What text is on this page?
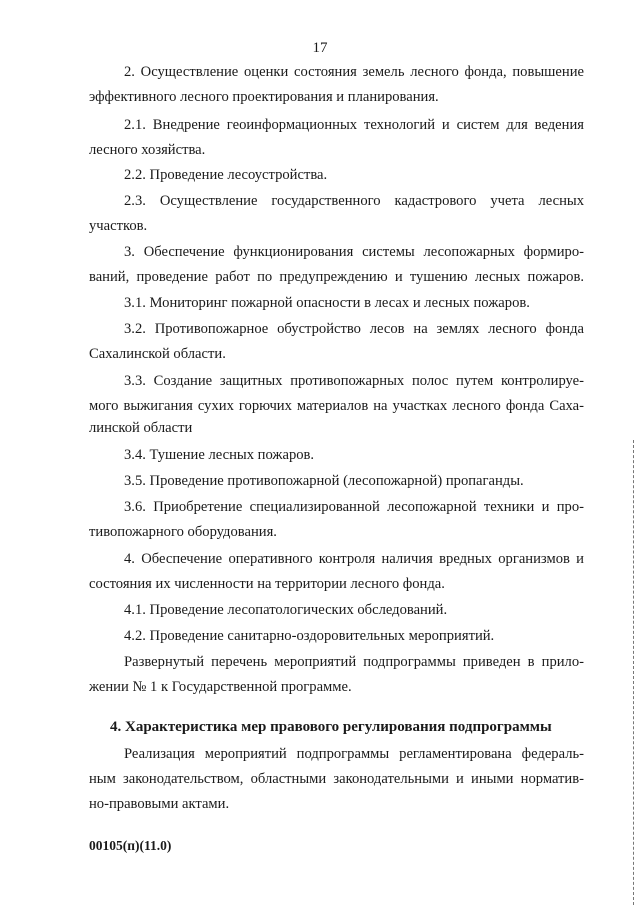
17
2. Осуществление оценки состояния земель лесного фонда, повышение
эффективного лесного проектирования и планирования.
2.1. Внедрение геоинформационных технологий и систем для ведения
лесного хозяйства.
2.2. Проведение лесоустройства.
2.3. Осуществление государственного кадастрового учета лесных
участков.
3. Обеспечение функционирования системы лесопожарных формиро-
ваний, проведение работ по предупреждению и тушению лесных пожаров.
3.1. Мониторинг пожарной опасности в лесах и лесных пожаров.
3.2. Противопожарное обустройство лесов на землях лесного фонда
Сахалинской области.
3.3. Создание защитных противопожарных полос путем контролируе-
мого выжигания сухих горючих материалов на участках лесного фонда Саха-
линской области
3.4. Тушение лесных пожаров.
3.5. Проведение противопожарной (лесопожарной) пропаганды.
3.6. Приобретение специализированной лесопожарной техники и про-
тивопожарного оборудования.
4. Обеспечение оперативного контроля наличия вредных организмов и
состояния их численности на территории лесного фонда.
4.1. Проведение лесопатологических обследований.
4.2. Проведение санитарно-оздоровительных мероприятий.
Развернутый перечень мероприятий подпрограммы приведен в прило-
жении № 1 к Государственной программе.
4. Характеристика мер правового регулирования подпрограммы
Реализация мероприятий подпрограммы регламентирована федераль-
ным законодательством, областными законодательными и иными норматив-
но-правовыми актами.
00105(п)(11.0)
